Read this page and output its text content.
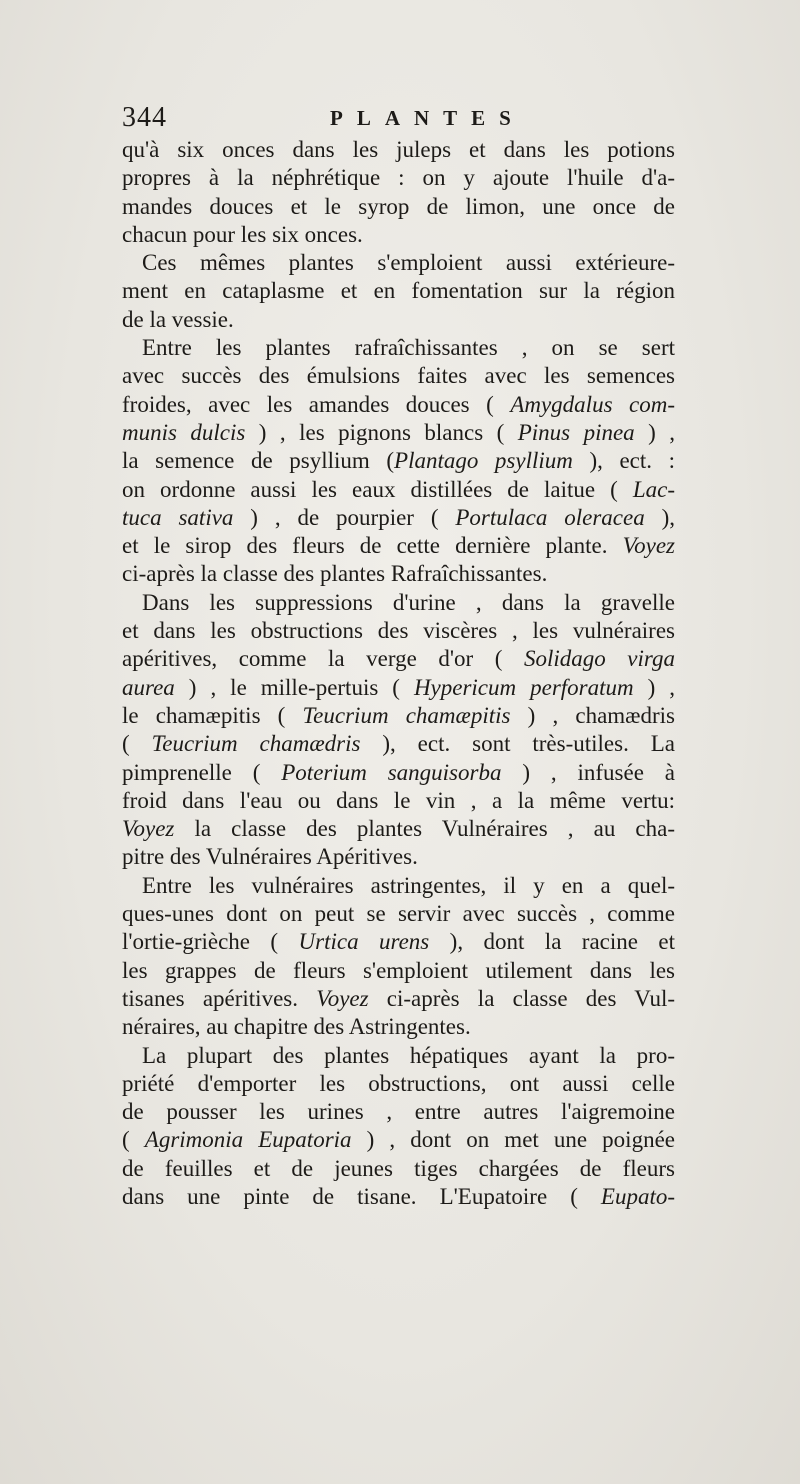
344	PLANTES
qu'à six onces dans les juleps et dans les potions
propres à la néphrétique : on y ajoute l'huile d'a-
mandes douces et le syrop de limon, une once de
chacun pour les six onces.
Ces mêmes plantes s'emploient aussi extérieure-
ment en cataplasme et en fomentation sur la région
de la vessie.
Entre les plantes rafraîchissantes , on se sert
avec succès des émulsions faites avec les semences
froides, avec les amandes douces ( Amygdalus com-
munis dulcis ) , les pignons blancs ( Pinus pinea ) ,
la semence de psyllium (Plantago psyllium ), ect. :
on ordonne aussi les eaux distillées de laitue ( Lac-
tuca sativa ) , de pourpier ( Portulaca oleracea ),
et le sirop des fleurs de cette dernière plante. Voyez
ci-après la classe des plantes Rafraîchissantes.
Dans les suppressions d'urine , dans la gravelle
et dans les obstructions des viscères , les vulnéraires
apéritives, comme la verge d'or ( Solidago virga
aurea ) , le mille-pertuis ( Hypericum perforatum ) ,
le chamæpitis ( Teucrium chamæpitis ) , chamædris
( Teucrium chamædris ), ect. sont très-utiles. La
pimprenelle ( Poterium sanguisorba ) , infusée à
froid dans l'eau ou dans le vin , a la même vertu:
Voyez la classe des plantes Vulnéraires , au cha-
pitre des Vulnéraires Apéritives.
Entre les vulnéraires astringentes, il y en a quel-
ques-unes dont on peut se servir avec succès , comme
l'ortie-grièche ( Urtica urens ), dont la racine et
les grappes de fleurs s'emploient utilement dans les
tisanes apéritives. Voyez ci-après la classe des Vul-
néraires, au chapitre des Astringentes.
La plupart des plantes hépatiques ayant la pro-
priété d'emporter les obstructions, ont aussi celle
de pousser les urines , entre autres l'aigremoine
( Agrimonia Eupatoria ) , dont on met une poignée
de feuilles et de jeunes tiges chargées de fleurs
dans une pinte de tisane. L'Eupatoire ( Eupato-
